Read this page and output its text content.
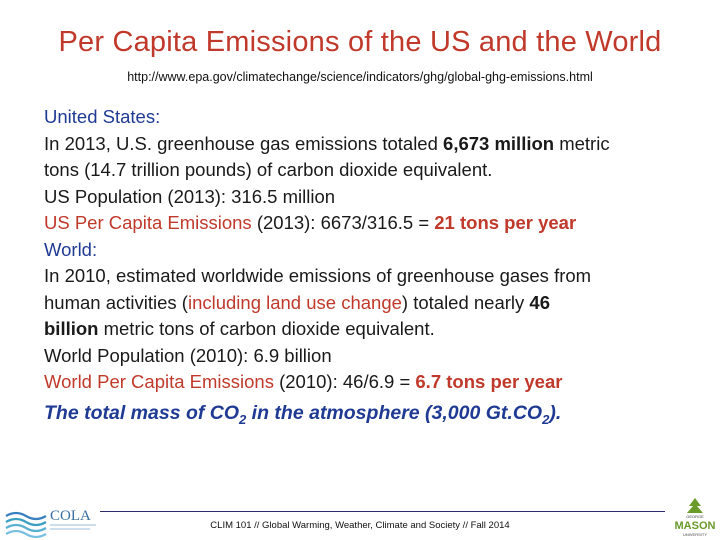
Per Capita Emissions of the US and the World
http://www.epa.gov/climatechange/science/indicators/ghg/global-ghg-emissions.html
United States:
In 2013, U.S. greenhouse gas emissions totaled 6,673 million metric
tons (14.7 trillion pounds) of carbon dioxide equivalent.
US Population (2013): 316.5 million
US Per Capita Emissions (2013): 6673/316.5 = 21 tons per year
World:
In 2010, estimated worldwide emissions of greenhouse gases from
human activities (including land use change) totaled nearly 46
billion metric tons of carbon dioxide equivalent.
World Population (2010): 6.9 billion
World Per Capita Emissions (2010): 46/6.9 = 6.7 tons per year
The total mass of $CO_2$ in the atmosphere (3,000 $Gt.CO_2$).
COLA
CLIM 101 // Global Warming, Weather, Climate and Society // Fall 2014
GEORGE
MASON
UNIVERSITY
